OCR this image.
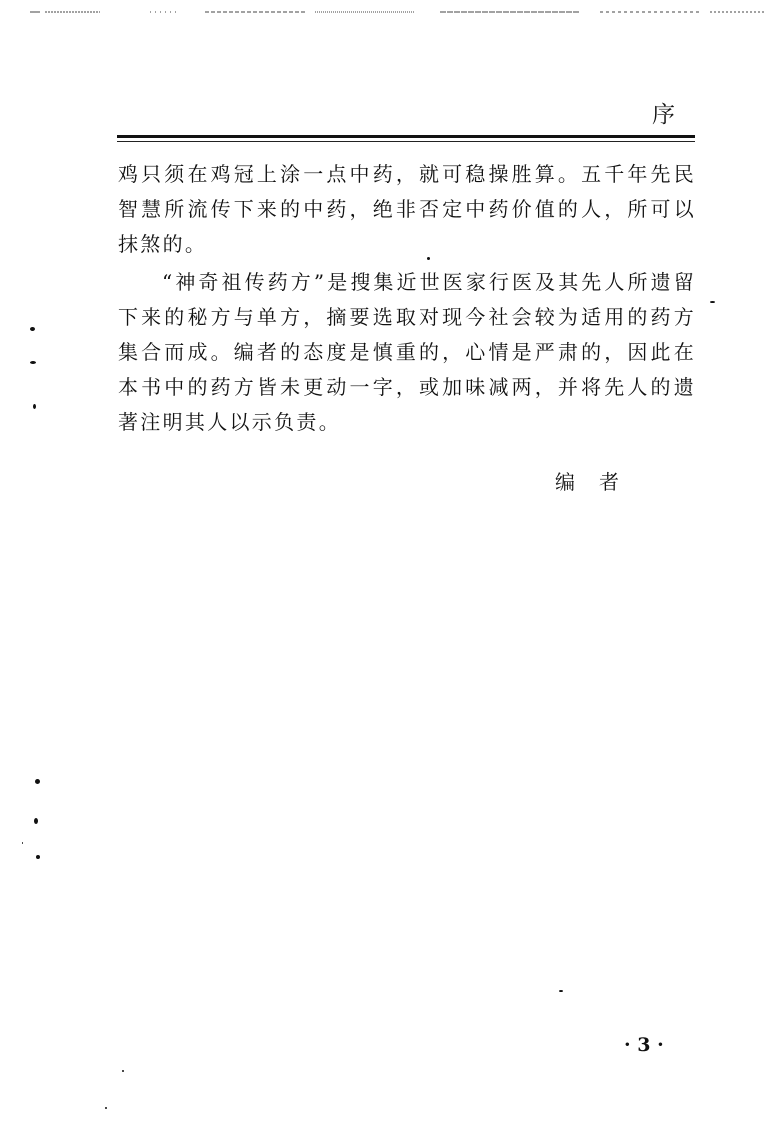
序

鸡只须在鸡冠上涂一点中药，就可稳操胜算。五千年先民智慧所流传下来的中药，绝非否定中药价值的人，所可以抹煞的。

“神奇祖传药方”是搜集近世医家行医及其先人所遗留下来的秘方与单方，摘要选取对现今社会较为适用的药方集合而成。编者的态度是慎重的，心情是严肃的，因此在本书中的药方皆未更动一字，或加味减两，并将先人的遗著注明其人以示负责。

编　者
· 3 ·
